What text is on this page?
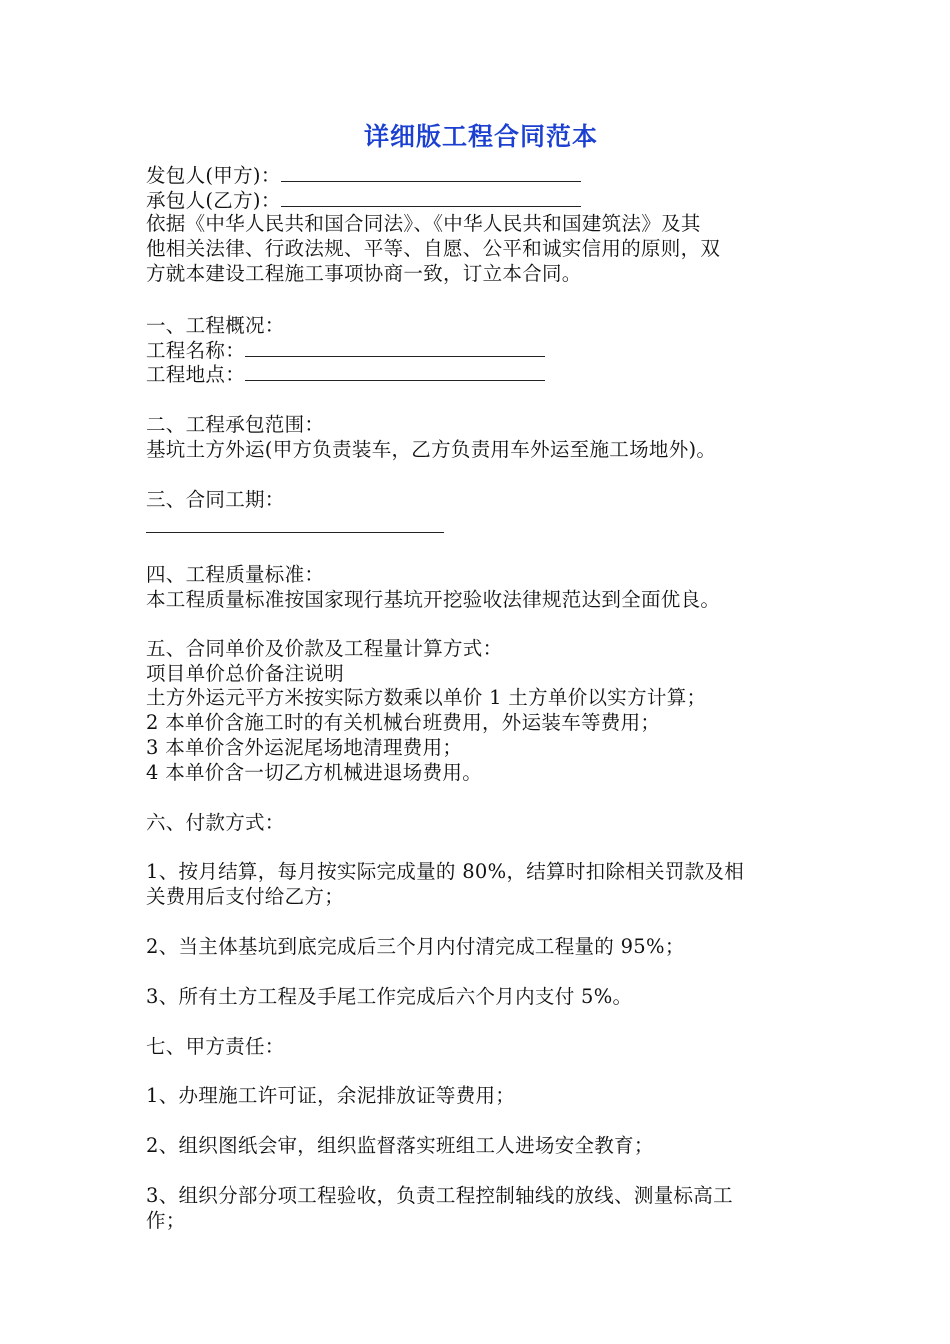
详细版工程合同范本
发包人(甲方)：
承包人(乙方)：
依据《中华人民共和国合同法》、《中华人民共和国建筑法》及其
他相关法律、行政法规、平等、自愿、公平和诚实信用的原则，双
方就本建设工程施工事项协商一致，订立本合同。
一、工程概况：
工程名称：
工程地点：
二、工程承包范围：
基坑土方外运(甲方负责装车，乙方负责用车外运至施工场地外)。
三、合同工期：
四、工程质量标准：
本工程质量标准按国家现行基坑开挖验收法律规范达到全面优良。
五、合同单价及价款及工程量计算方式：
项目单价总价备注说明
土方外运元平方米按实际方数乘以单价 1 土方单价以实方计算；
2 本单价含施工时的有关机械台班费用，外运装车等费用；
3 本单价含外运泥尾场地清理费用；
4 本单价含一切乙方机械进退场费用。
六、付款方式：
1、按月结算，每月按实际完成量的 80%，结算时扣除相关罚款及相
关费用后支付给乙方；
2、当主体基坑到底完成后三个月内付清完成工程量的 95%；
3、所有土方工程及手尾工作完成后六个月内支付 5%。
七、甲方责任：
1、办理施工许可证，余泥排放证等费用；
2、组织图纸会审，组织监督落实班组工人进场安全教育；
3、组织分部分项工程验收，负责工程控制轴线的放线、测量标高工
作；
